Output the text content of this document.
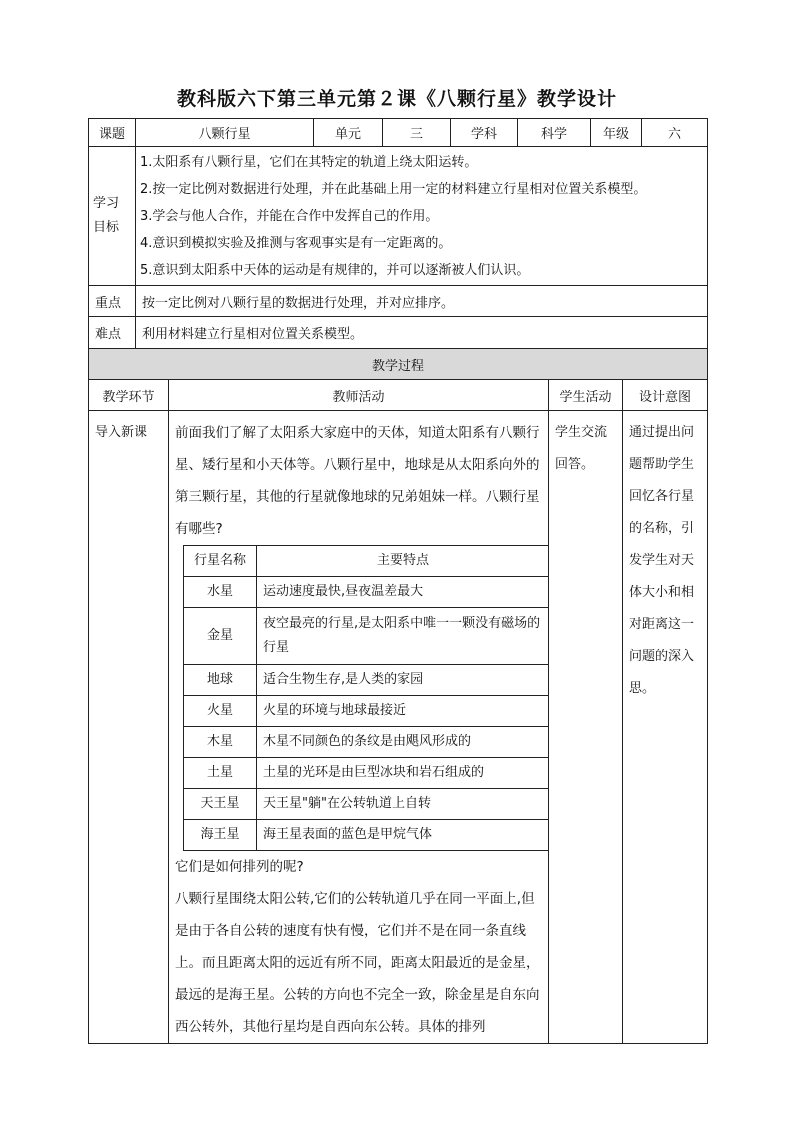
教科版六下第三单元第２课《八颗行星》教学设计
课题	八颗行星	单元	三	学科	科学	年级	六

学习目标	1.太阳系有八颗行星，它们在其特定的轨道上绕太阳运转。
2.按一定比例对数据进行处理，并在此基础上用一定的材料建立行星相对位置关系模型。
3.学会与他人合作，并能在合作中发挥自己的作用。
4.意识到模拟实验及推测与客观事实是有一定距离的。
5.意识到太阳系中天体的运动是有规律的，并可以逐渐被人们认识。						

重点	按一定比例对八颗行星的数据进行处理，并对应排序。						
难点	利用材料建立行星相对位置关系模型。						
教学过程
教学环节	教师活动	学生活动	设计意图
导入新课	前面我们了解了太阳系大家庭中的天体，知道太阳系有八颗行星、矮行星和小天体等。八颗行星中，地球是从太阳系向外的第三颗行星，其他的行星就像地球的兄弟姐妹一样。八颗行星有哪些?
行星名称	主要特点
水星	运动速度最快,昼夜温差最大
金星	夜空最亮的行星,是太阳系中唯一一颗没有磁场的行星
地球	适合生物生存,是人类的家园
火星	火星的环境与地球最接近
木星	木星不同颜色的条纹是由飓风形成的
土星	土星的光环是由巨型冰块和岩石组成的
天王星	天王星"躺"在公转轨道上自转
海王星	海王星表面的蓝色是甲烷气体
它们是如何排列的呢?
八颗行星围绕太阳公转,它们的公转轨道几乎在同一平面上,但是由于各自公转的速度有快有慢，它们并不是在同一条直线上。而且距离太阳的远近有所不同，距离太阳最近的是金星，最远的是海王星。公转的方向也不完全一致，除金星是自东向西公转外，其他行星均是自西向东公转。具体的排列
	学生交流回答。	通过提出问题帮助学生回忆各行星的名称，引发学生对天体大小和相对距离这一问题的深入思。
